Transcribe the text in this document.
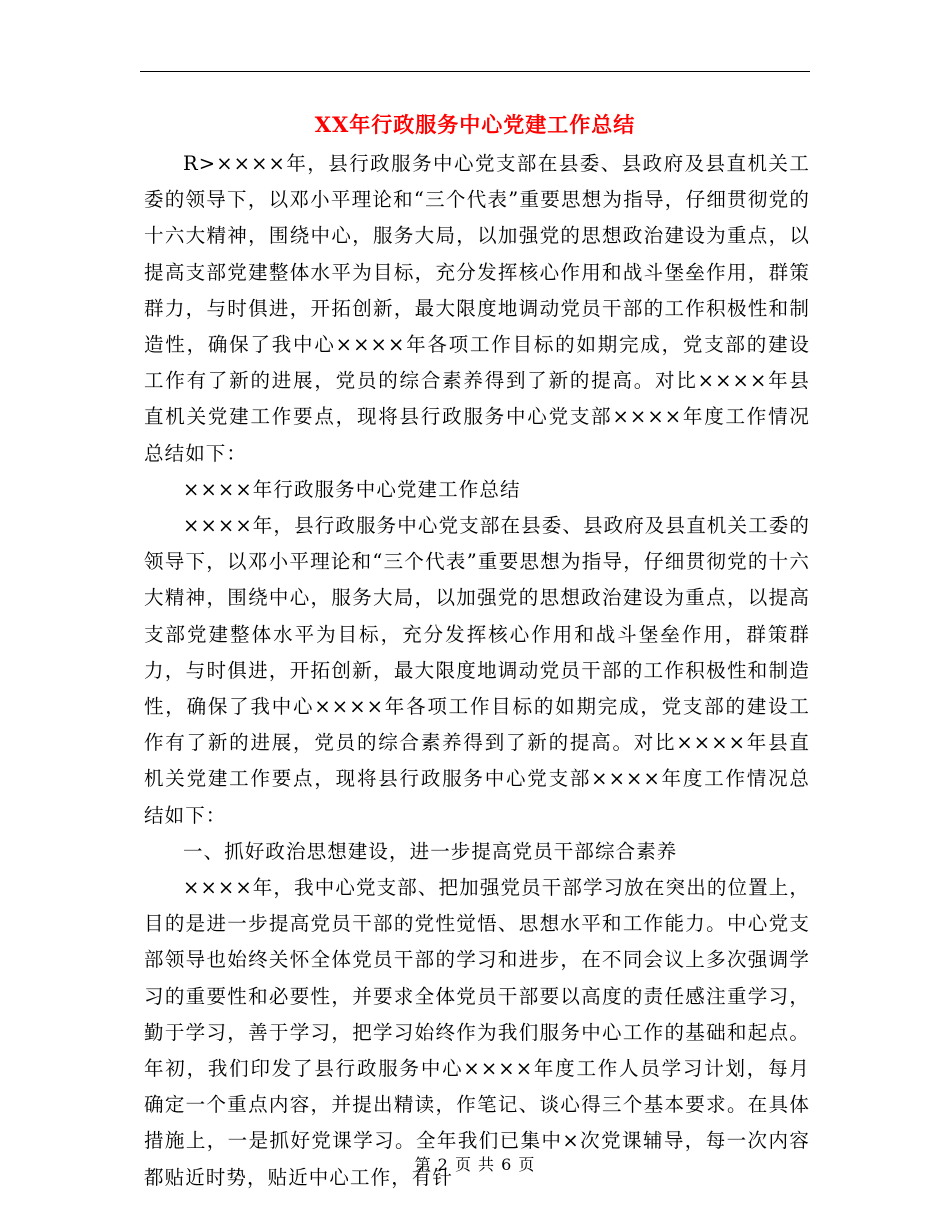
XX年行政服务中心党建工作总结

R>××××年，县行政服务中心党支部在县委、县政府及县直机关工委的领导下，以邓小平理论和“三个代表”重要思想为指导，仔细贯彻党的十六大精神，围绕中心，服务大局，以加强党的思想政治建设为重点，以提高支部党建整体水平为目标，充分发挥核心作用和战斗堡垒作用，群策群力，与时俱进，开拓创新，最大限度地调动党员干部的工作积极性和制造性，确保了我中心××××年各项工作目标的如期完成，党支部的建设工作有了新的进展，党员的综合素养得到了新的提高。对比××××年县直机关党建工作要点，现将县行政服务中心党支部××××年度工作情况总结如下：

××××年行政服务中心党建工作总结

××××年，县行政服务中心党支部在县委、县政府及县直机关工委的领导下，以邓小平理论和“三个代表”重要思想为指导，仔细贯彻党的十六大精神，围绕中心，服务大局，以加强党的思想政治建设为重点，以提高支部党建整体水平为目标，充分发挥核心作用和战斗堡垒作用，群策群力，与时俱进，开拓创新，最大限度地调动党员干部的工作积极性和制造性，确保了我中心××××年各项工作目标的如期完成，党支部的建设工作有了新的进展，党员的综合素养得到了新的提高。对比××××年县直机关党建工作要点，现将县行政服务中心党支部××××年度工作情况总结如下：

一、抓好政治思想建设，进一步提高党员干部综合素养

××××年，我中心党支部、把加强党员干部学习放在突出的位置上，目的是进一步提高党员干部的党性觉悟、思想水平和工作能力。中心党支部领导也始终关怀全体党员干部的学习和进步，在不同会议上多次强调学习的重要性和必要性，并要求全体党员干部要以高度的责任感注重学习，勤于学习，善于学习，把学习始终作为我们服务中心工作的基础和起点。年初，我们印发了县行政服务中心××××年度工作人员学习计划，每月确定一个重点内容，并提出精读，作笔记、谈心得三个基本要求。在具体措施上，一是抓好党课学习。全年我们已集中×次党课辅导，每一次内容都贴近时势，贴近中心工作，有针

第 2 页 共 6 页
